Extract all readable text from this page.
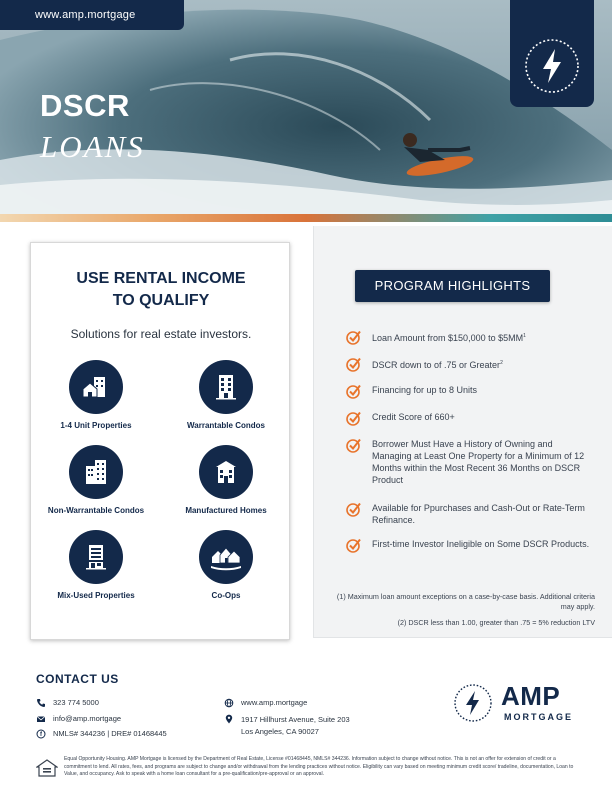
www.amp.mortgage
DSCR
LOANS
USE RENTAL INCOME
TO QUALIFY
Solutions for real estate investors.
1-4 Unit Properties	Warrantable Condos
Non-Warrantable Condos	Manufactured Homes
Mix-Used Properties	Co-Ops
PROGRAM HIGHLIGHTS
Loan Amount from $150,000 to $\$5MM^1$
DSCR down to of .75 or Greater$^2$
Financing for up to 8 Units
Credit Score of 660+
Borrower Must Have a History of Owning and Managing at Least One Property for a Minimum of 12 Months within the Most Recent 36 Months on DSCR Product
Available for Ppurchases and Cash-Out or Rate-Term Refinance.
First-time Investor Ineligible on Some DSCR Products.
(1) Maximum loan amount exceptions on a case-by-case basis. Additional criteria may apply.
(2) DSCR less than 1.00, greater than .75 = 5% reduction LTV
CONTACT US
323 774 5000
info@amp.mortgage
f NMLS# 344236 | DRE# 01468445
www.amp.mortgage
1917 Hillhurst Avenue, Suite 203
Los Angeles, CA 90027
AMP
MORTGAGE
Equal Opportunity Housing. AMP Mortgage is licensed by the Department of Real Estate, License #01468445, NMLS# 344236. Information subject to change without notice. This is not an offer for extension of credit or a commitment to lend. All rates, fees, and programs are subject to change and/or withdrawal from the lending practices without notice. Eligibility can vary based on meeting minimum credit score/ tradeline, documentation, Loan to Value, and occupancy. Ask to speak with a home loan consultant for a pre-qualification/pre-approval or an approval.
